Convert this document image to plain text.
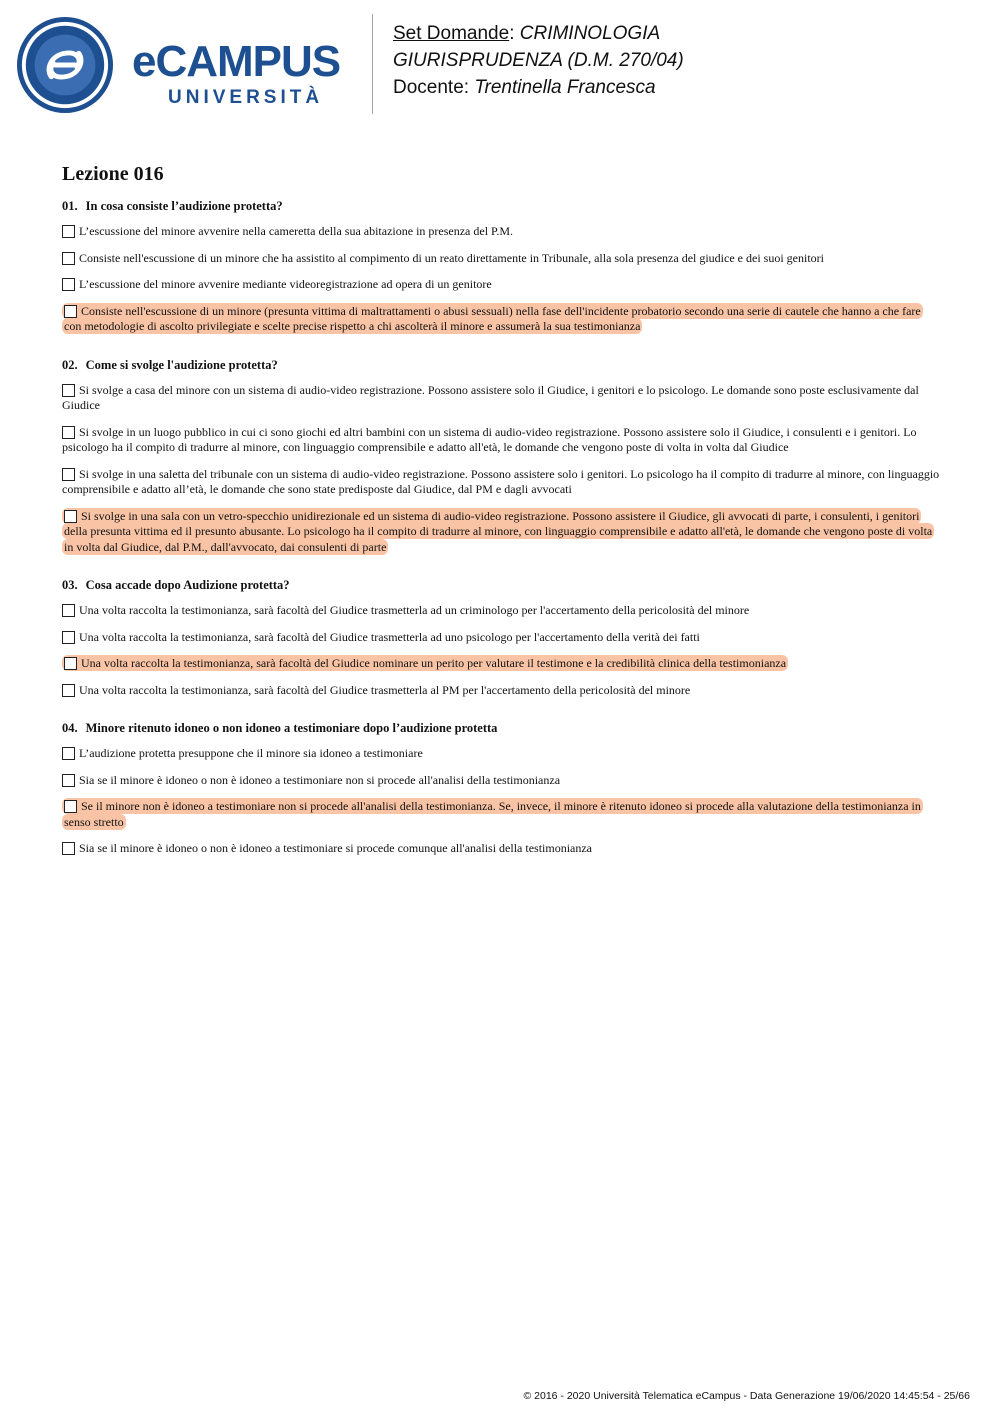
eCAMPUS
UNIVERSITÀ
Set Domande: CRIMINOLOGIA
GIURISPRUDENZA (D.M. 270/04)
Docente: Trentinella Francesca
Lezione 016
01. In cosa consiste l’audizione protetta?
L’escussione del minore avvenire nella cameretta della sua abitazione in presenza del P.M.
Consiste nell'escussione di un minore che ha assistito al compimento di un reato direttamente in Tribunale, alla sola presenza del giudice e dei suoi genitori
L’escussione del minore avvenire mediante videoregistrazione ad opera di un genitore
Consiste nell'escussione di un minore (presunta vittima di maltrattamenti o abusi sessuali) nella fase dell'incidente probatorio secondo una serie di cautele che hanno a che fare con metodologie di ascolto privilegiate e scelte precise rispetto a chi ascolterà il minore e assumerà la sua testimonianza
02. Come si svolge l'audizione protetta?
Si svolge a casa del minore con un sistema di audio-video registrazione. Possono assistere solo il Giudice, i genitori e lo psicologo. Le domande sono poste esclusivamente dal Giudice
Si svolge in un luogo pubblico in cui ci sono giochi ed altri bambini con un sistema di audio-video registrazione. Possono assistere solo il Giudice, i consulenti e i genitori. Lo psicologo ha il compito di tradurre al minore, con linguaggio comprensibile e adatto all'età, le domande che vengono poste di volta in volta dal Giudice
Si svolge in una saletta del tribunale con un sistema di audio-video registrazione. Possono assistere solo i genitori. Lo psicologo ha il compito di tradurre al minore, con linguaggio comprensibile e adatto all’età, le domande che sono state predisposte dal Giudice, dal PM e dagli avvocati
Si svolge in una sala con un vetro-specchio unidirezionale ed un sistema di audio-video registrazione. Possono assistere il Giudice, gli avvocati di parte, i consulenti, i genitori della presunta vittima ed il presunto abusante. Lo psicologo ha il compito di tradurre al minore, con linguaggio comprensibile e adatto all'età, le domande che vengono poste di volta in volta dal Giudice, dal P.M., dall'avvocato, dai consulenti di parte
03. Cosa accade dopo Audizione protetta?
Una volta raccolta la testimonianza, sarà facoltà del Giudice trasmetterla ad un criminologo per l'accertamento della pericolosità del minore
Una volta raccolta la testimonianza, sarà facoltà del Giudice trasmetterla ad uno psicologo per l'accertamento della verità dei fatti
Una volta raccolta la testimonianza, sarà facoltà del Giudice nominare un perito per valutare il testimone e la credibilità clinica della testimonianza
Una volta raccolta la testimonianza, sarà facoltà del Giudice trasmetterla al PM per l'accertamento della pericolosità del minore
04. Minore ritenuto idoneo o non idoneo a testimoniare dopo l’audizione protetta
L’audizione protetta presuppone che il minore sia idoneo a testimoniare
Sia se il minore è idoneo o non è idoneo a testimoniare non si procede all'analisi della testimonianza
Se il minore non è idoneo a testimoniare non si procede all'analisi della testimonianza. Se, invece, il minore è ritenuto idoneo si procede alla valutazione della testimonianza in senso stretto
Sia se il minore è idoneo o non è idoneo a testimoniare si procede comunque all'analisi della testimonianza
© 2016 - 2020 Università Telematica eCampus - Data Generazione 19/06/2020 14:45:54 - 25/66
